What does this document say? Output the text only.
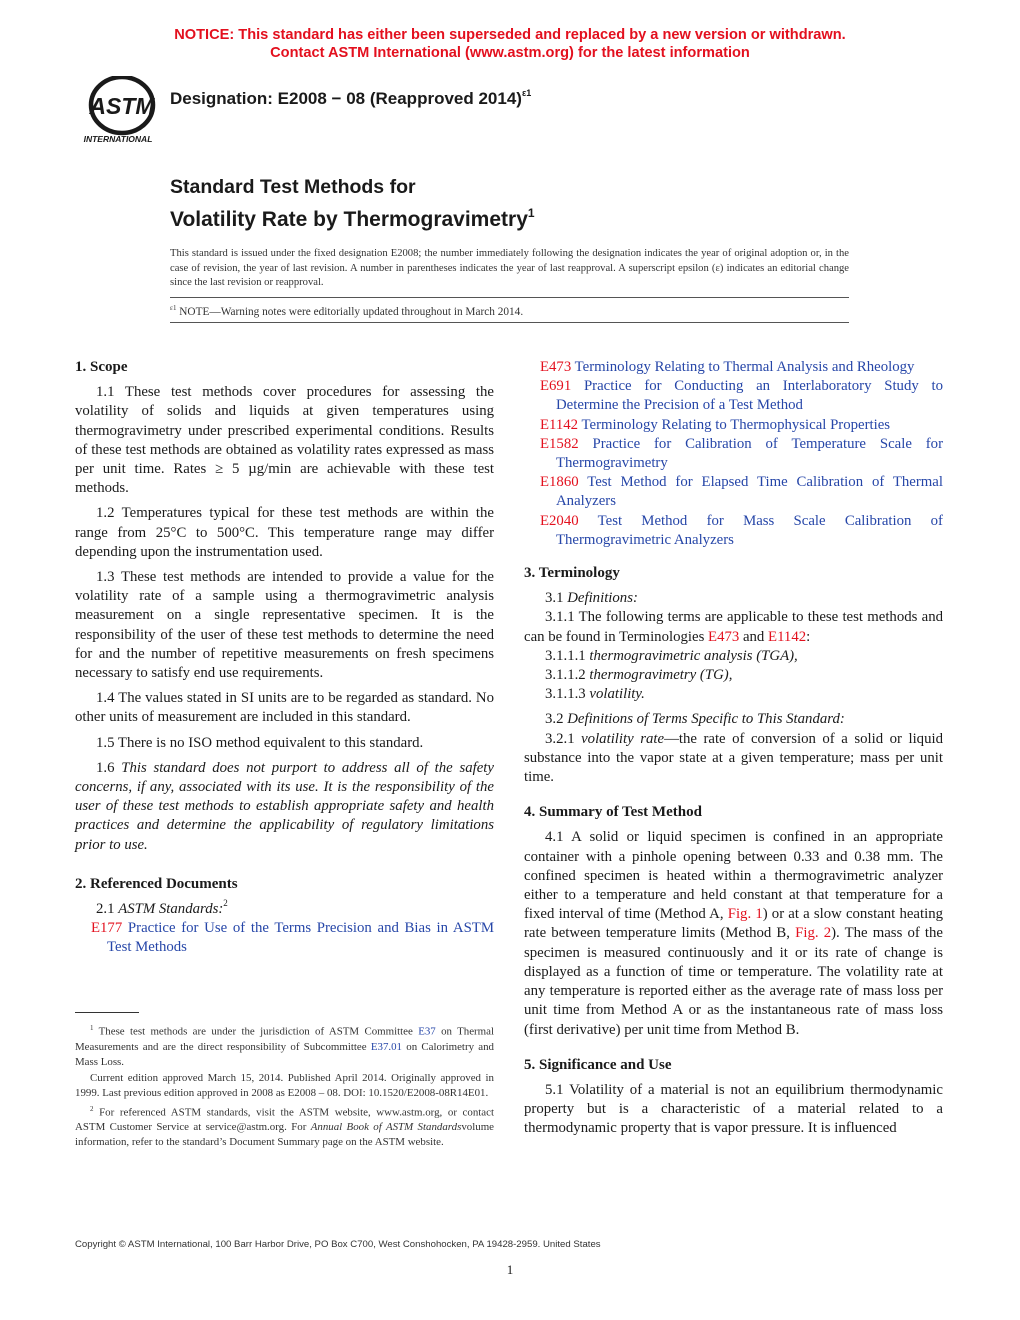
NOTICE: This standard has either been superseded and replaced by a new version or withdrawn.
Contact ASTM International (www.astm.org) for the latest information
ASTM
INTERNATIONAL
Designation: E2008 − 08 (Reapproved 2014)$^{\varepsilon 1}$
Standard Test Methods for
Volatility Rate by Thermogravimetry$^1$
This standard is issued under the fixed designation E2008; the number immediately following the designation indicates the year of original adoption or, in the case of revision, the year of last revision. A number in parentheses indicates the year of last reapproval. A superscript epsilon (ε) indicates an editorial change since the last revision or reapproval.
$^{\varepsilon 1}$ NOTE—Warning notes were editorially updated throughout in March 2014.
1. Scope
1.1 These test methods cover procedures for assessing the volatility of solids and liquids at given temperatures using thermogravimetry under prescribed experimental conditions. Results of these test methods are obtained as volatility rates expressed as mass per unit time. Rates ≥ 5 µg/min are achievable with these test methods.
1.2 Temperatures typical for these test methods are within the range from 25°C to 500°C. This temperature range may differ depending upon the instrumentation used.
1.3 These test methods are intended to provide a value for the volatility rate of a sample using a thermogravimetric analysis measurement on a single representative specimen. It is the responsibility of the user of these test methods to determine the need for and the number of repetitive measurements on fresh specimens necessary to satisfy end use requirements.
1.4 The values stated in SI units are to be regarded as standard. No other units of measurement are included in this standard.
1.5 There is no ISO method equivalent to this standard.
1.6 This standard does not purport to address all of the safety concerns, if any, associated with its use. It is the responsibility of the user of these test methods to establish appropriate safety and health practices and determine the applicability of regulatory limitations prior to use.
2. Referenced Documents
2.1 ASTM Standards:$^2$
E177 Practice for Use of the Terms Precision and Bias in ASTM Test Methods
E473 Terminology Relating to Thermal Analysis and Rheology
E691 Practice for Conducting an Interlaboratory Study to Determine the Precision of a Test Method
E1142 Terminology Relating to Thermophysical Properties
E1582 Practice for Calibration of Temperature Scale for Thermogravimetry
E1860 Test Method for Elapsed Time Calibration of Thermal Analyzers
E2040 Test Method for Mass Scale Calibration of Thermogravimetric Analyzers
3. Terminology
3.1 Definitions:
3.1.1 The following terms are applicable to these test methods and can be found in Terminologies E473 and E1142:
3.1.1.1 thermogravimetric analysis (TGA),
3.1.1.2 thermogravimetry (TG),
3.1.1.3 volatility.
3.2 Definitions of Terms Specific to This Standard:
3.2.1 volatility rate—the rate of conversion of a solid or liquid substance into the vapor state at a given temperature; mass per unit time.
4. Summary of Test Method
4.1 A solid or liquid specimen is confined in an appropriate container with a pinhole opening between 0.33 and 0.38 mm. The confined specimen is heated within a thermogravimetric analyzer either to a temperature and held constant at that temperature for a fixed interval of time (Method A, Fig. 1) or at a slow constant heating rate between temperature limits (Method B, Fig. 2). The mass of the specimen is measured continuously and it or its rate of change is displayed as a function of time or temperature. The volatility rate at any temperature is reported either as the average rate of mass loss per unit time from Method A or as the instantaneous rate of mass loss (first derivative) per unit time from Method B.
5. Significance and Use
5.1 Volatility of a material is not an equilibrium thermodynamic property but is a characteristic of a material related to a thermodynamic property that is vapor pressure. It is influenced
$^1$ These test methods are under the jurisdiction of ASTM Committee E37 on Thermal Measurements and are the direct responsibility of Subcommittee E37.01 on Calorimetry and Mass Loss.
Current edition approved March 15, 2014. Published April 2014. Originally approved in 1999. Last previous edition approved in 2008 as E2008 – 08. DOI: 10.1520/E2008-08R14E01.
$^2$ For referenced ASTM standards, visit the ASTM website, www.astm.org, or contact ASTM Customer Service at service@astm.org. For Annual Book of ASTM Standardsvolume information, refer to the standard’s Document Summary page on the ASTM website.
Copyright © ASTM International, 100 Barr Harbor Drive, PO Box C700, West Conshohocken, PA 19428-2959. United States
1
